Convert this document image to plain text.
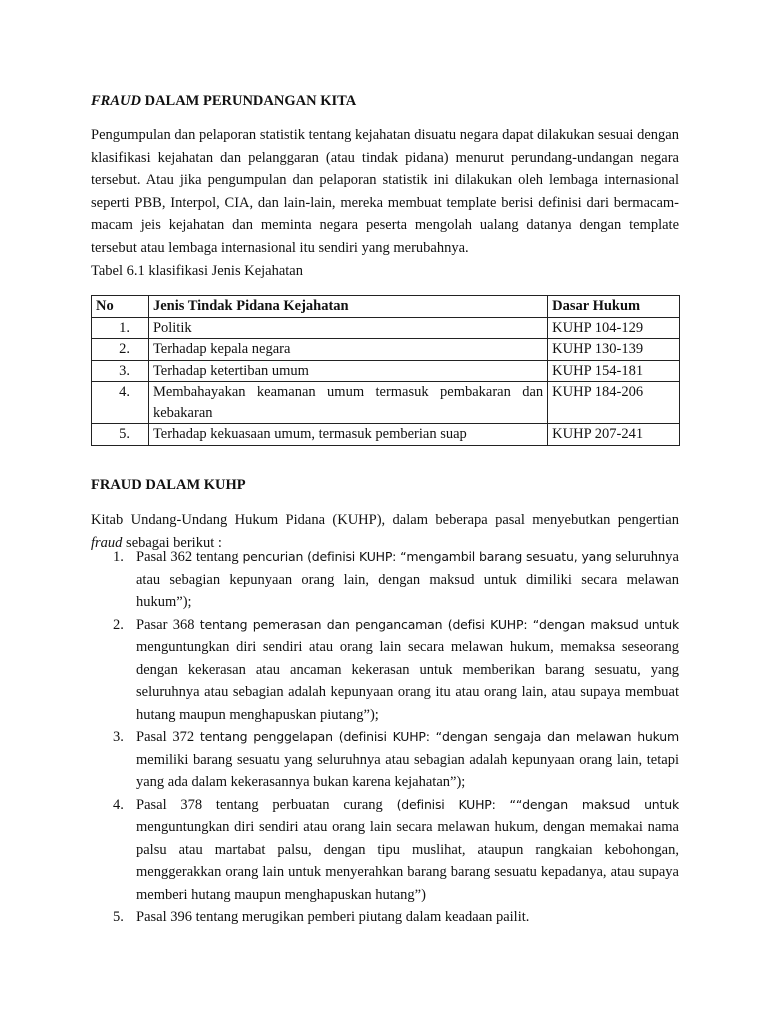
FRAUD DALAM PERUNDANGAN KITA

Pengumpulan dan pelaporan statistik tentang kejahatan disuatu negara dapat dilakukan sesuai dengan klasifikasi kejahatan dan pelanggaran (atau tindak pidana) menurut perundang-undangan negara tersebut. Atau jika pengumpulan dan pelaporan statistik ini dilakukan oleh lembaga internasional seperti PBB, Interpol, CIA, dan lain-lain, mereka membuat template berisi definisi dari bermacam-macam jeis kejahatan dan meminta negara peserta mengolah ualang datanya dengan template tersebut atau lembaga internasional itu sendiri yang merubahnya.

Tabel 6.1 klasifikasi Jenis Kejahatan

No	Jenis Tindak Pidana Kejahatan	Dasar Hukum
1.	Politik	KUHP 104-129
2.	Terhadap kepala negara	KUHP 130-139
3.	Terhadap ketertiban umum	KUHP 154-181
4.	Membahayakan keamanan umum termasuk pembakaran dan kebakaran	KUHP 184-206
5.	Terhadap kekuasaan umum, termasuk pemberian suap	KUHP 207-241
FRAUD DALAM KUHP

Kitab Undang-Undang Hukum Pidana (KUHP), dalam beberapa pasal menyebutkan pengertian fraud sebagai berikut :

1. Pasal 362 tentang pencurian (definisi KUHP: “mengambil barang sesuatu, yang seluruhnya atau sebagian kepunyaan orang lain, dengan maksud untuk dimiliki secara melawan hukum”);
2. Pasar 368 tentang pemerasan dan pengancaman (defisi KUHP: “dengan maksud untuk menguntungkan diri sendiri atau orang lain secara melawan hukum, memaksa seseorang dengan kekerasan atau ancaman kekerasan untuk memberikan barang sesuatu, yang seluruhnya atau sebagian adalah kepunyaan orang itu atau orang lain, atau supaya membuat hutang maupun menghapuskan piutang”);
3. Pasal 372 tentang penggelapan (definisi KUHP: “dengan sengaja dan melawan hukum memiliki barang sesuatu yang seluruhnya atau sebagian adalah kepunyaan orang lain, tetapi yang ada dalam kekerasannya bukan karena kejahatan”);
4. Pasal 378 tentang perbuatan curang (definisi KUHP: ““dengan maksud untuk menguntungkan diri sendiri atau orang lain secara melawan hukum, dengan memakai nama palsu atau martabat palsu, dengan tipu muslihat, ataupun rangkaian kebohongan, menggerakkan orang lain untuk menyerahkan barang barang sesuatu kepadanya, atau supaya memberi hutang maupun menghapuskan hutang”)
5. Pasal 396 tentang merugikan pemberi piutang dalam keadaan pailit.
